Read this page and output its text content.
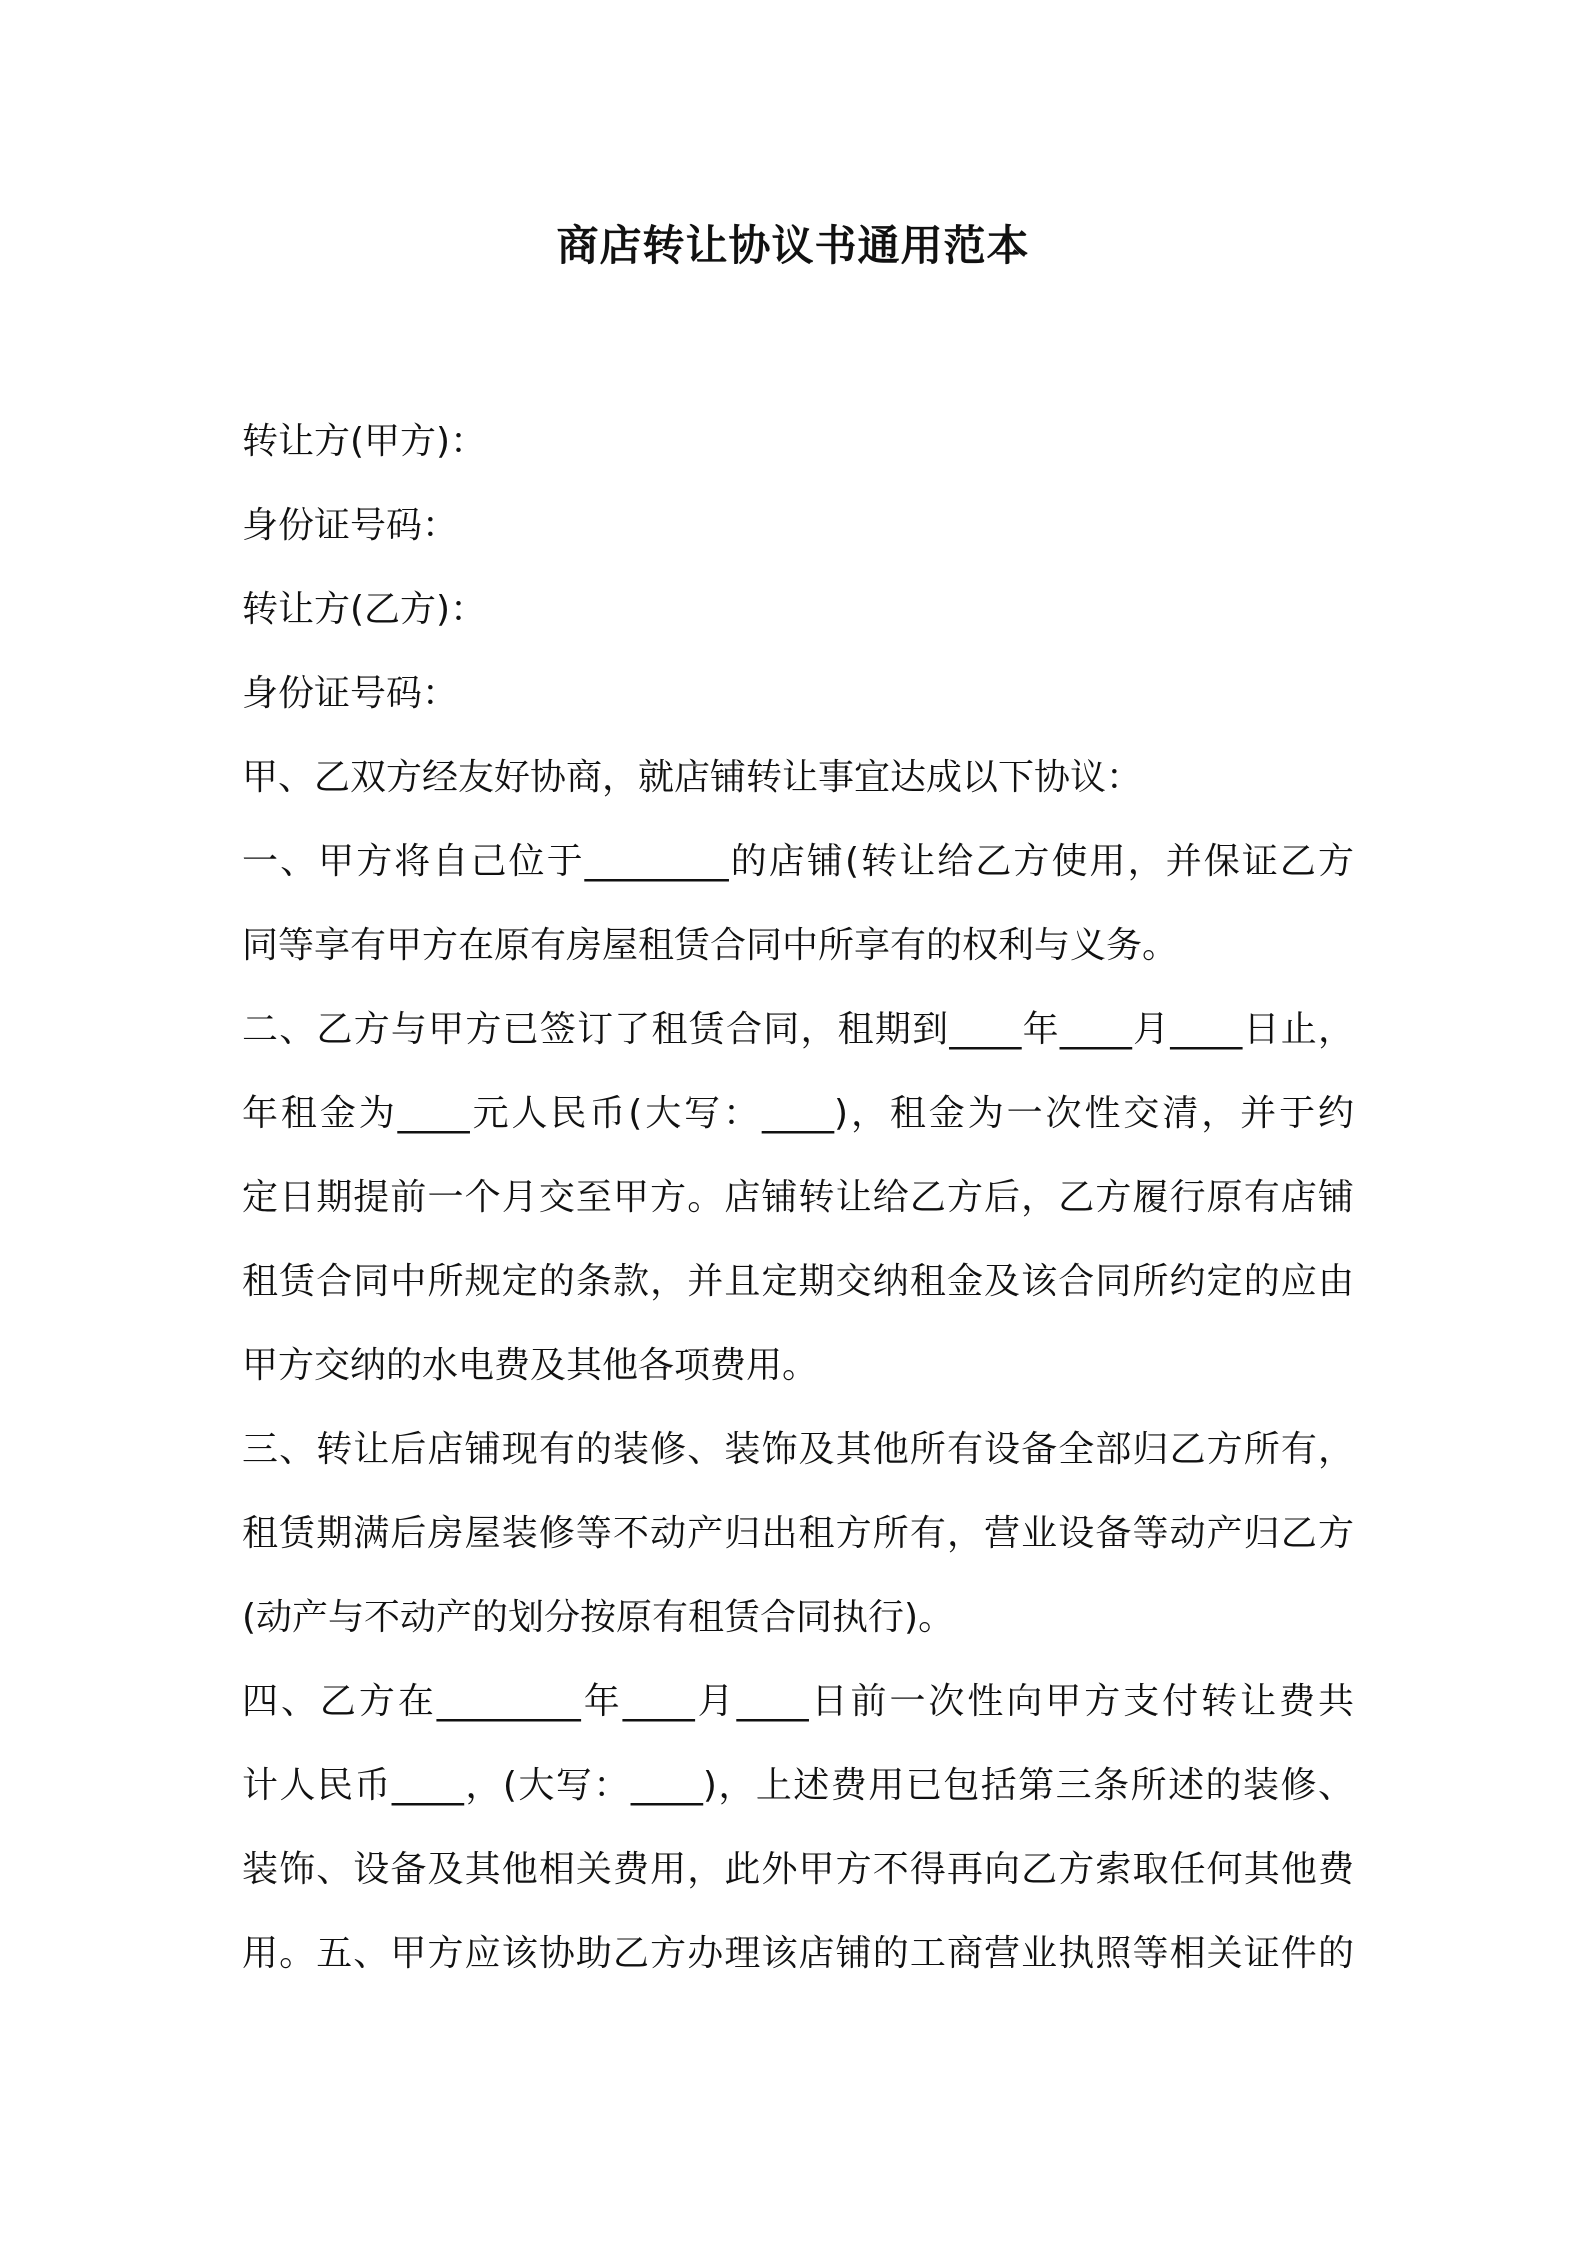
商店转让协议书通用范本
转让方(甲方)：
身份证号码：
转让方(乙方)：
身份证号码：
甲、乙双方经友好协商，就店铺转让事宜达成以下协议：
一、甲方将自己位于________的店铺(转让给乙方使用，并保证乙方
同等享有甲方在原有房屋租赁合同中所享有的权利与义务。
二、乙方与甲方已签订了租赁合同，租期到____年____月____日止，
年租金为____元人民币(大写：____)，租金为一次性交清，并于约
定日期提前一个月交至甲方。店铺转让给乙方后，乙方履行原有店铺
租赁合同中所规定的条款，并且定期交纳租金及该合同所约定的应由
甲方交纳的水电费及其他各项费用。
三、转让后店铺现有的装修、装饰及其他所有设备全部归乙方所有，
租赁期满后房屋装修等不动产归出租方所有，营业设备等动产归乙方
(动产与不动产的划分按原有租赁合同执行)。
四、乙方在________年____月____日前一次性向甲方支付转让费共
计人民币____，(大写：____)，上述费用已包括第三条所述的装修、
装饰、设备及其他相关费用，此外甲方不得再向乙方索取任何其他费
用。五、甲方应该协助乙方办理该店铺的工商营业执照等相关证件的
